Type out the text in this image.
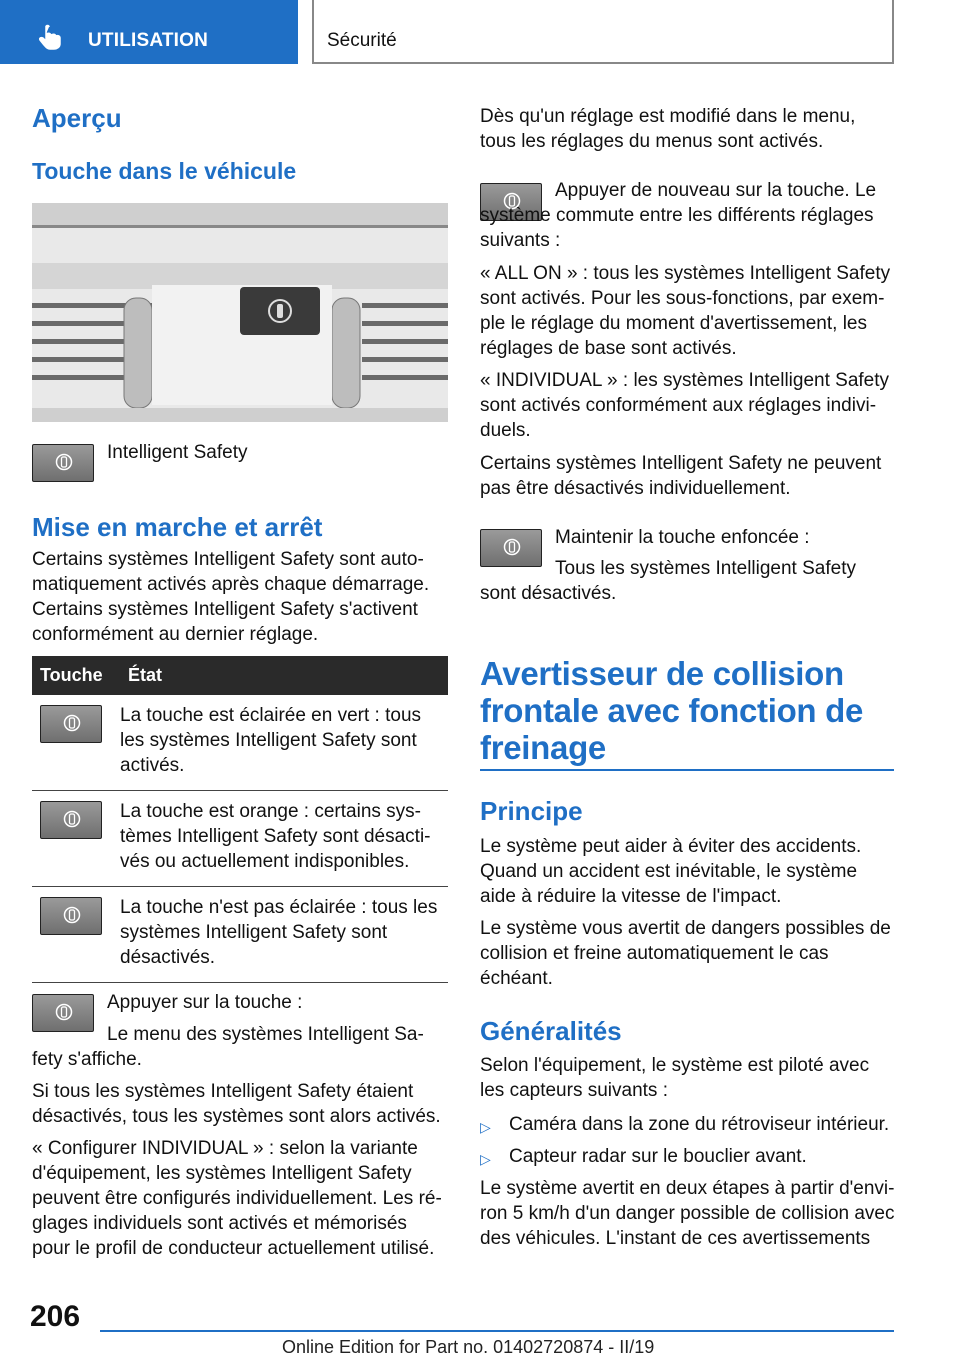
UTILISATION	Sécurité
Aperçu
Touche dans le véhicule
Intelligent Safety
Mise en marche et arrêt
Certains systèmes Intelligent Safety sont auto-matiquement activés après chaque démarrage. Certains systèmes Intelligent Safety s'activent conformément au dernier réglage.
Touche	État

	La touche est éclairée en vert : tous les systèmes Intelligent Safety sont activés.

	La touche est orange : certains sys-tèmes Intelligent Safety sont désacti-vés ou actuellement indisponibles.

	La touche n'est pas éclairée : tous les systèmes Intelligent Safety sont désactivés.
Appuyer sur la touche :
Le menu des systèmes Intelligent Sa-fety s'affiche.
Si tous les systèmes Intelligent Safety étaient désactivés, tous les systèmes sont alors activés.
« Configurer INDIVIDUAL » : selon la variante d'équipement, les systèmes Intelligent Safety peuvent être configurés individuellement. Les ré-glages individuels sont activés et mémorisés pour le profil de conducteur actuellement utilisé.
Dès qu'un réglage est modifié dans le menu, tous les réglages du menus sont activés.
Appuyer de nouveau sur la touche. Le système commute entre les différents réglages suivants :
« ALL ON » : tous les systèmes Intelligent Safety sont activés. Pour les sous-fonctions, par exem-ple le réglage du moment d'avertissement, les réglages de base sont activés.
« INDIVIDUAL » : les systèmes Intelligent Safety sont activés conformément aux réglages indivi-duels.
Certains systèmes Intelligent Safety ne peuvent pas être désactivés individuellement.
Maintenir la touche enfoncée :
Tous les systèmes Intelligent Safety sont désactivés.
Avertisseur de collision frontale avec fonction de freinage
Principe
Le système peut aider à éviter des accidents. Quand un accident est inévitable, le système aide à réduire la vitesse de l'impact.
Le système vous avertit de dangers possibles de collision et freine automatiquement le cas échéant.
Généralités
Selon l'équipement, le système est piloté avec les capteurs suivants :
▷ Caméra dans la zone du rétroviseur intérieur.
▷ Capteur radar sur le bouclier avant.
Le système avertit en deux étapes à partir d'envi-ron 5 km/h d'un danger possible de collision avec des véhicules. L'instant de ces avertissements
206
Online Edition for Part no. 01402720874 - II/19
